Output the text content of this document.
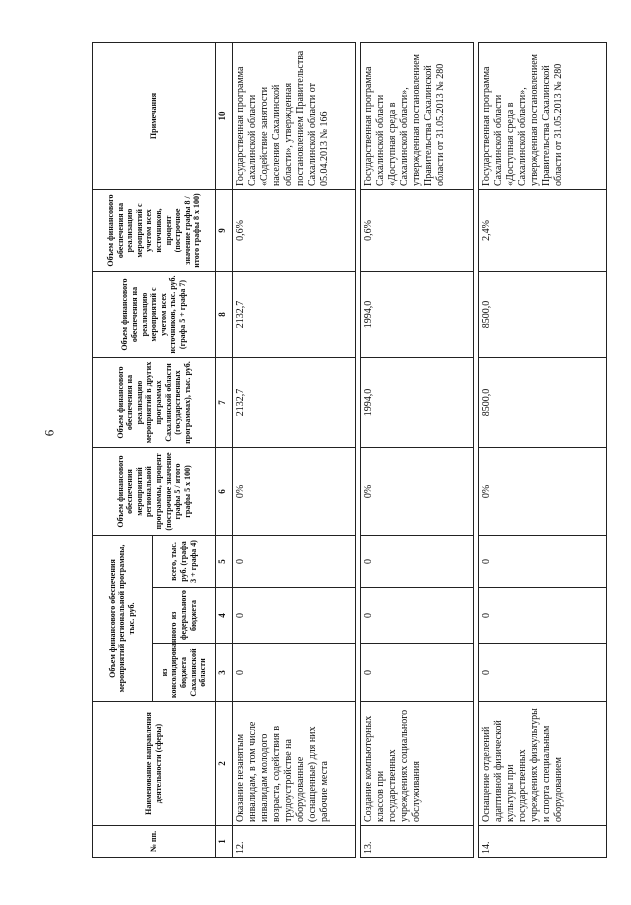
6
№ пп.	Наименование направления деятельности (сферы)	Объем финансового обеспечения мероприятий региональной программы, тыс. руб.			Объем финансового обеспечения мероприятий региональной программы, процент (построчное значение графы 5 / итого графы 5 х 100)	Объем финансового обеспечения на реализацию мероприятий в других программах Сахалинской области (государственных программах), тыс. руб.	Объем финансового обеспечения на реализацию мероприятий с учетом всех источников, тыс. руб. (графа 5 + графа 7)	Объем финансового обеспечения на реализацию мероприятий с учетом всех источников, процент (построчное значение графы 8 / итого графы 8 х 100)	Примечания
		из консолидированного бюджета Сахалинской области	из федерального бюджета	всего, тыс. руб. (графа 3 + графа 4)					
1	2	3	4	5	6	7	8	9	10
12.	Оказание незанятым инвалидам, в том числе инвалидам молодого возраста, содействия в трудоустройстве на оборудованные (оснащенные) для них рабочие места	0	0	0	0%	2132,7	2132,7	0,6%	Государственная программа Сахалинской области «Содействие занятости населения Сахалинской области», утвержденная постановлением Правительства Сахалинской области от 05.04.2013 № 166

13.	Создание компьютерных классов при государственных учреждениях социального обслуживания	0	0	0	0%	1994,0	1994,0	0,6%	Государственная программа Сахалинской области «Доступная среда в Сахалинской области», утвержденная постановлением Правительства Сахалинской области от 31.05.2013 № 280

14.	Оснащение отделений адаптивной физической культуры при государственных учреждениях физкультуры и спорта специальным оборудованием	0	0	0	0%	8500,0	8500,0	2,4%	Государственная программа Сахалинской области «Доступная среда в Сахалинской области», утвержденная постановлением Правительства Сахалинской области от 31.05.2013 № 280
